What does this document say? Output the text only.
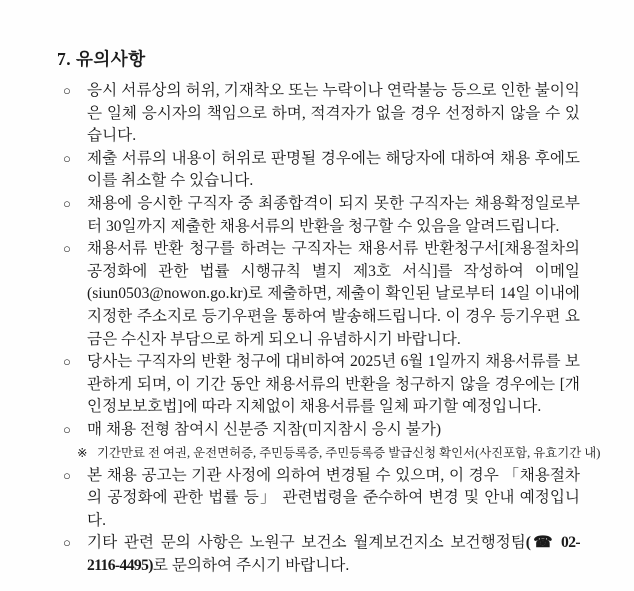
7. 유의사항
○ 응시 서류상의 허위, 기재착오 또는 누락이나 연락불능 등으로 인한 불이익은 일체 응시자의 책임으로 하며, 적격자가 없을 경우 선정하지 않을 수 있습니다.
○ 제출 서류의 내용이 허위로 판명될 경우에는 해당자에 대하여 채용 후에도 이를 취소할 수 있습니다.
○ 채용에 응시한 구직자 중 최종합격이 되지 못한 구직자는 채용확정일로부터 30일까지 제출한 채용서류의 반환을 청구할 수 있음을 알려드립니다.
○ 채용서류 반환 청구를 하려는 구직자는 채용서류 반환청구서[채용절차의 공정화에 관한 법률 시행규칙 별지 제3호 서식]를 작성하여 이메일 (siun0503@nowon.go.kr)로 제출하면, 제출이 확인된 날로부터 14일 이내에 지정한 주소지로 등기우편을 통하여 발송해드립니다. 이 경우 등기우편 요금은 수신자 부담으로 하게 되오니 유념하시기 바랍니다.
○ 당사는 구직자의 반환 청구에 대비하여 2025년 6월 1일까지 채용서류를 보관하게 되며, 이 기간 동안 채용서류의 반환을 청구하지 않을 경우에는 [개인정보보호법]에 따라 지체없이 채용서류를 일체 파기할 예정입니다.
○ 매 채용 전형 참여시 신분증 지참(미지참시 응시 불가)
※ 기간만료 전 여권, 운전면허증, 주민등록증, 주민등록증 발급신청 확인서(사진포함, 유효기간 내)
○ 본 채용 공고는 기관 사정에 의하여 변경될 수 있으며, 이 경우 「채용절차의 공정화에 관한 법률 등」 관련법령을 준수하여 변경 및 안내 예정입니다.
○ 기타 관련 문의 사항은 노원구 보건소 월계보건지소 보건행정팀(☎ 02-2116-4495)로 문의하여 주시기 바랍니다.
